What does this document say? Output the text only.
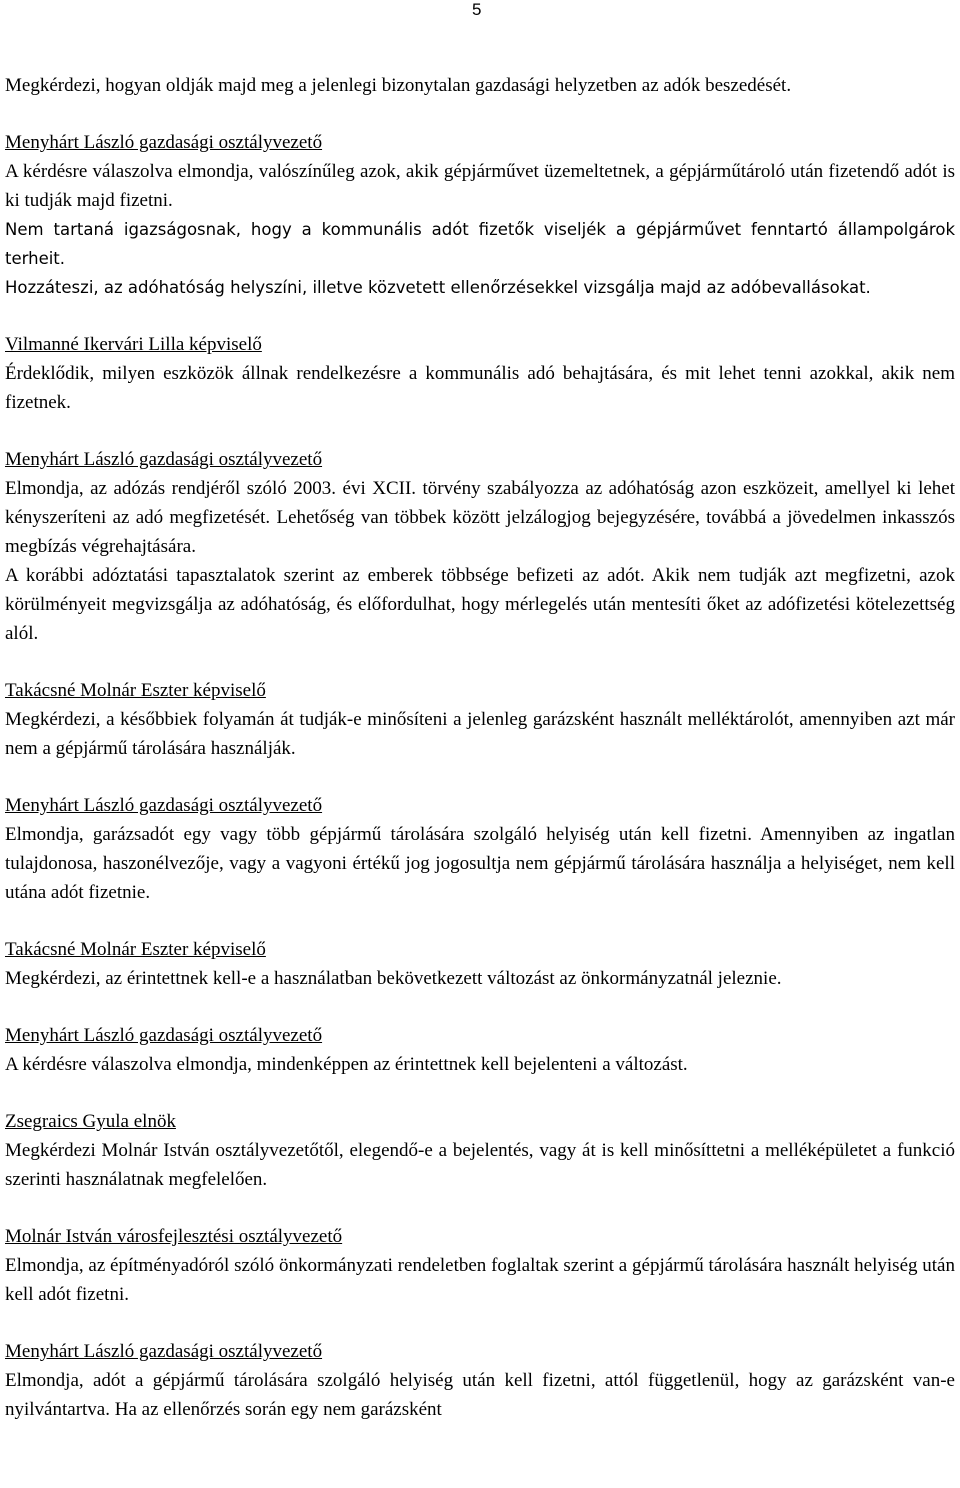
5
Megkérdezi, hogyan oldják majd meg a jelenlegi bizonytalan gazdasági helyzetben az adók beszedését.
Menyhárt László gazdasági osztályvezető
A kérdésre válaszolva elmondja, valószínűleg azok, akik gépjárművet üzemeltetnek, a gépjárműtároló után fizetendő adót is ki tudják majd fizetni.
Nem tartaná igazságosnak, hogy a kommunális adót fizetők viseljék a gépjárművet fenntartó állampolgárok terheit.
Hozzáteszi, az adóhatóság helyszíni, illetve közvetett ellenőrzésekkel vizsgálja majd az adóbevallásokat.
Vilmanné Ikervári Lilla képviselő
Érdeklődik, milyen eszközök állnak rendelkezésre a kommunális adó behajtására, és mit lehet tenni azokkal, akik nem fizetnek.
Menyhárt László gazdasági osztályvezető
Elmondja, az adózás rendjéről szóló 2003. évi XCII. törvény szabályozza az adóhatóság azon eszközeit, amellyel ki lehet kényszeríteni az adó megfizetését. Lehetőség van többek között jelzálogjog bejegyzésére, továbbá a jövedelmen inkasszós megbízás végrehajtására.
A korábbi adóztatási tapasztalatok szerint az emberek többsége befizeti az adót. Akik nem tudják azt megfizetni, azok körülményeit megvizsgálja az adóhatóság, és előfordulhat, hogy mérlegelés után mentesíti őket az adófizetési kötelezettség alól.
Takácsné Molnár Eszter képviselő
Megkérdezi, a későbbiek folyamán át tudják-e minősíteni a jelenleg garázsként használt melléktárolót, amennyiben azt már nem a gépjármű tárolására használják.
Menyhárt László gazdasági osztályvezető
Elmondja, garázsadót egy vagy több gépjármű tárolására szolgáló helyiség után kell fizetni. Amennyiben az ingatlan tulajdonosa, haszonélvezője, vagy a vagyoni értékű jog jogosultja nem gépjármű tárolására használja a helyiséget, nem kell utána adót fizetnie.
Takácsné Molnár Eszter képviselő
Megkérdezi, az érintettnek kell-e a használatban bekövetkezett változást az önkormányzatnál jeleznie.
Menyhárt László gazdasági osztályvezető
A kérdésre válaszolva elmondja, mindenképpen az érintettnek kell bejelenteni a változást.
Zsegraics Gyula elnök
Megkérdezi Molnár István osztályvezetőtől, elegendő-e a bejelentés, vagy át is kell minősíttetni a melléképületet a funkció szerinti használatnak megfelelően.
Molnár István városfejlesztési osztályvezető
Elmondja, az építményadóról szóló önkormányzati rendeletben foglaltak szerint a gépjármű tárolására használt helyiség után kell adót fizetni.
Menyhárt László gazdasági osztályvezető
Elmondja, adót a gépjármű tárolására szolgáló helyiség után kell fizetni, attól függetlenül, hogy az garázsként van-e nyilvántartva. Ha az ellenőrzés során egy nem garázsként
